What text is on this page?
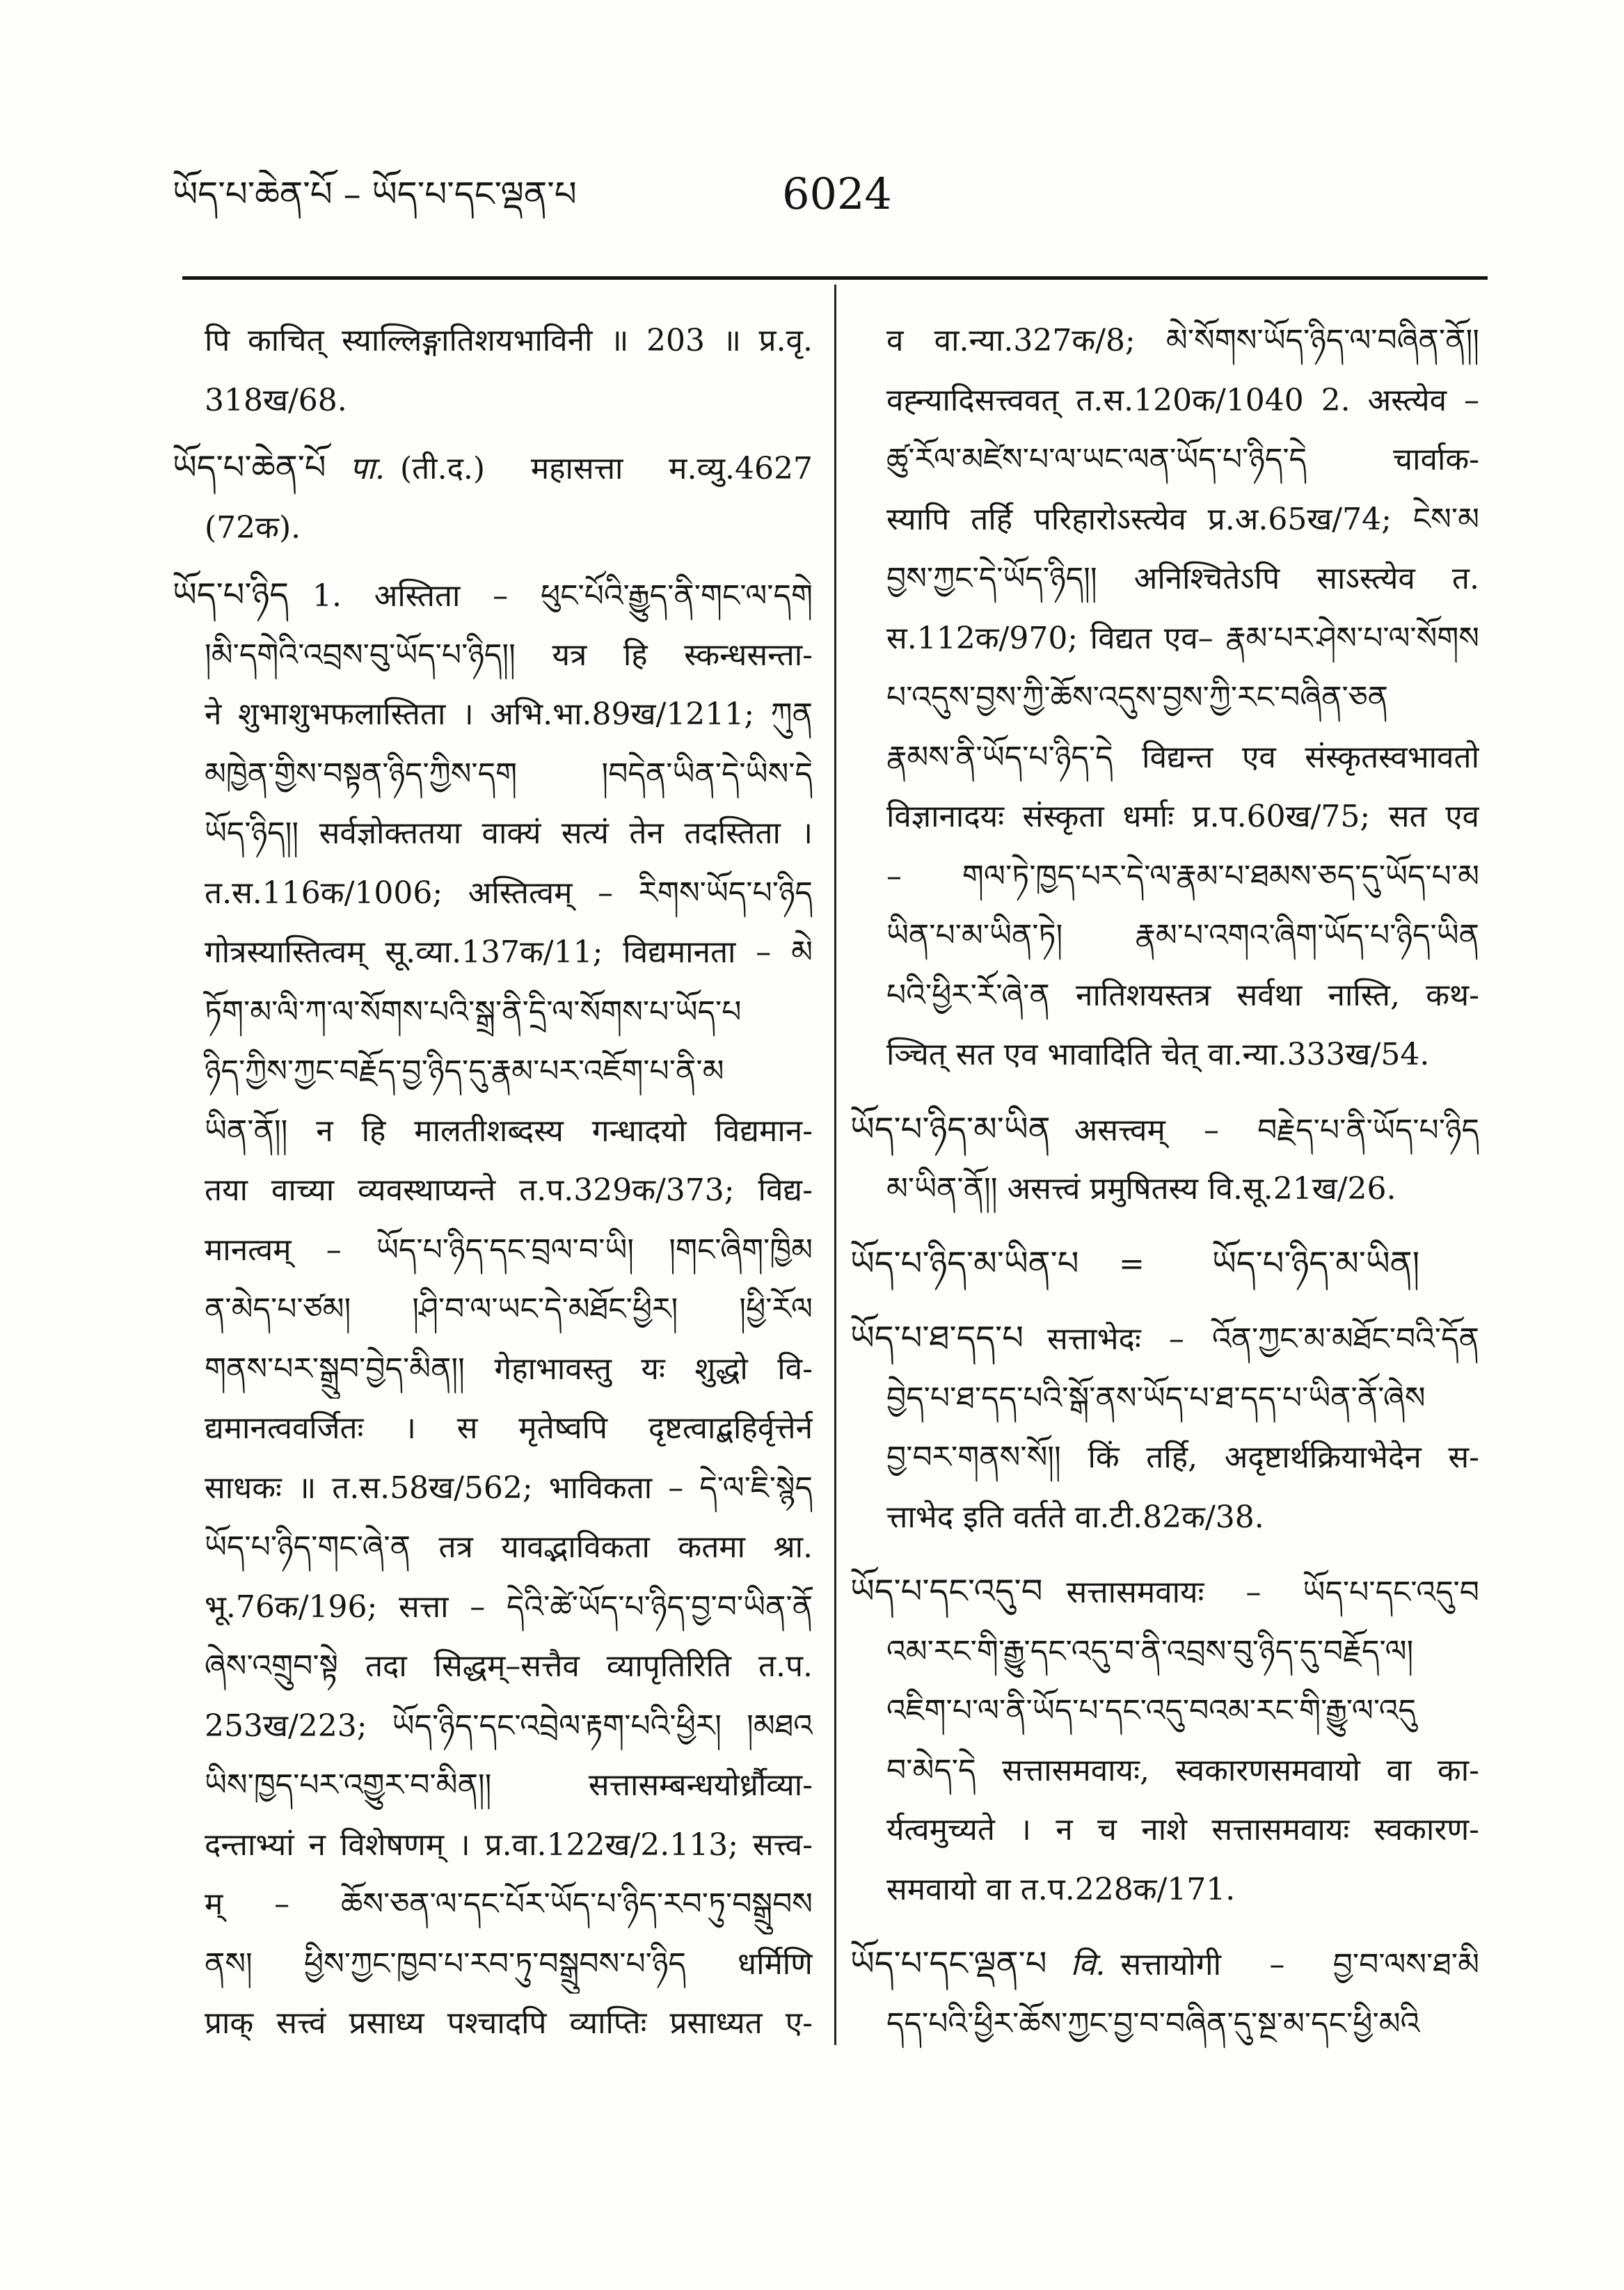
ཡོད་པ་ཆེན་པོ – ཡོད་པ་དང་ལྡན་པ	6024
पि काचित् स्याल्लिङ्गातिशयभाविनी ॥ 203 ॥ प्र.वृ.
318ख/68.
ཡོད་པ་ཆེན་པོ पा. (ती.द.) महासत्ता म.व्यु.4627
(72क).
ཡོད་པ་ཉིད 1. अस्तिता – ཕུང་པོའི་རྒྱུད་ནི་གང་ལ་དགེ
།མི་དགེའི་འབྲས་བུ་ཡོད་པ་ཉིད།། यत्र हि स्कन्धसन्ता-
ने शुभाशुभफलास्तिता । अभि.भा.89ख/1211; ཀུན
མཁྱེན་གྱིས་བསྟན་ཉིད་ཀྱིས་དག །བདེན་ཡིན་དེ་ཡིས་དེ
ཡོད་ཉིད།། सर्वज्ञोक्ततया वाक्यं सत्यं तेन तदस्तिता ।
त.स.116क/1006; अस्तित्वम् – རིགས་ཡོད་པ་ཉིད
गोत्रस्यास्तित्वम् सू.व्या.137क/11; विद्यमानता – མེ
ཏོག་མ་ལི་ཀ་ལ་སོགས་པའི་སྒྲ་ནི་དྲི་ལ་སོགས་པ་ཡོད་པ
ཉིད་ཀྱིས་ཀྱང་བརྗོད་བྱ་ཉིད་དུ་རྣམ་པར་འཇོག་པ་ནི་མ
ཡིན་ནོ།། न हि मालतीशब्दस्य गन्धादयो विद्यमान-
तया वाच्या व्यवस्थाप्यन्ते त.प.329क/373; विद्य-
मानत्वम् – ཡོད་པ་ཉིད་དང་བྲལ་བ་ཡི། །གང་ཞིག་ཁྱིམ
ན་མེད་པ་ཙམ། །ཤི་བ་ལ་ཡང་དེ་མཐོང་ཕྱིར། །ཕྱི་རོལ
གནས་པར་སྒྲུབ་བྱེད་མིན།། गेहाभावस्तु यः शुद्धो वि-
द्यमानत्ववर्जितः । स मृतेष्वपि दृष्टत्वाद्बहिर्वृत्तेर्न
साधकः ॥ त.स.58ख/562; भाविकता – དེ་ལ་ཇི་སྙེད
ཡོད་པ་ཉིད་གང་ཞེ་ན तत्र यावद्भाविकता कतमा श्रा.
भू.76क/196; सत्ता – དེའི་ཚེ་ཡོད་པ་ཉིད་བྱ་བ་ཡིན་ནོ
ཞེས་འགྲུབ་སྟེ तदा सिद्धम्–सत्तैव व्यापृतिरिति त.प.
253ख/223; ཡོད་ཉིད་དང་འབྲེལ་རྟག་པའི་ཕྱིར། །མཐའ
ཡིས་ཁྱད་པར་འགྱུར་བ་མིན།། सत्तासम्बन्धयोर्ध्रौव्या-
दन्ताभ्यां न विशेषणम् । प्र.वा.122ख/2.113; सत्त्व-
म् – ཆོས་ཅན་ལ་དང་པོར་ཡོད་པ་ཉིད་རབ་ཏུ་བསྒྲུབས
ནས། ཕྱིས་ཀྱང་ཁྱབ་པ་རབ་ཏུ་བསྒྲུབས་པ་ཉིད धर्मिणि
प्राक् सत्त्वं प्रसाध्य पश्चादपि व्याप्तिः प्रसाध्यत ए-
व वा.न्या.327क/8; མེ་སོགས་ཡོད་ཉིད་ལ་བཞིན་ནོ།།
वह्न्यादिसत्त्ववत् त.स.120क/1040 2. अस्त्येव –
ཚུ་རོལ་མཛེས་པ་ལ་ཡང་ལན་ཡོད་པ་ཉིད་དེ चार्वाक-
स्यापि तर्हि परिहारोऽस्त्येव प्र.अ.65ख/74; ངེས་མ
བྱས་ཀྱང་དེ་ཡོད་ཉིད།། अनिश्चितेऽपि साऽस्त्येव त.
स.112क/970; विद्यत एव– རྣམ་པར་ཤེས་པ་ལ་སོགས
པ་འདུས་བྱས་ཀྱི་ཆོས་འདུས་བྱས་ཀྱི་རང་བཞིན་ཅན
རྣམས་ནི་ཡོད་པ་ཉིད་དེ विद्यन्त एव संस्कृतस्वभावतो
विज्ञानादयः संस्कृता धर्माः प्र.प.60ख/75; सत एव
– གལ་ཏེ་ཁྱད་པར་དེ་ལ་རྣམ་པ་ཐམས་ཅད་དུ་ཡོད་པ་མ
ཡིན་པ་མ་ཡིན་ཏེ། རྣམ་པ་འགའ་ཞིག་ཡོད་པ་ཉིད་ཡིན
པའི་ཕྱིར་རོ་ཞེ་ན नातिशयस्तत्र सर्वथा नास्ति, कथ-
ञ्चित् सत एव भावादिति चेत् वा.न्या.333ख/54.
ཡོད་པ་ཉིད་མ་ཡིན असत्त्वम् – བརྗེད་པ་ནི་ཡོད་པ་ཉིད
མ་ཡིན་ནོ།། असत्त्वं प्रमुषितस्य वि.सू.21ख/26.
ཡོད་པ་ཉིད་མ་ཡིན་པ = ཡོད་པ་ཉིད་མ་ཡིན།
ཡོད་པ་ཐ་དད་པ सत्ताभेदः – འོན་ཀྱང་མ་མཐོང་བའི་དོན
བྱེད་པ་ཐ་དད་པའི་སྒོ་ནས་ཡོད་པ་ཐ་དད་པ་ཡིན་ནོ་ཞེས
བྱ་བར་གནས་སོ།། किं तर्हि, अदृष्टार्थक्रियाभेदेन स-
त्ताभेद इति वर्तते वा.टी.82क/38.
ཡོད་པ་དང་འདུ་བ सत्तासमवायः – ཡོད་པ་དང་འདུ་བ
འམ་རང་གི་རྒྱུ་དང་འདུ་བ་ནི་འབྲས་བུ་ཉིད་དུ་བརྗོད་ལ།
འཇིག་པ་ལ་ནི་ཡོད་པ་དང་འདུ་བའམ་རང་གི་རྒྱུ་ལ་འདུ
བ་མེད་དེ सत्तासमवायः, स्वकारणसमवायो वा का-
र्यत्वमुच्यते । न च नाशे सत्तासमवायः स्वकारण-
समवायो वा त.प.228क/171.
ཡོད་པ་དང་ལྡན་པ वि. सत्तायोगी – བྱ་བ་ལས་ཐ་མི
དད་པའི་ཕྱིར་ཆོས་ཀྱང་བྱ་བ་བཞིན་དུ་སྔ་མ་དང་ཕྱི་མའི
